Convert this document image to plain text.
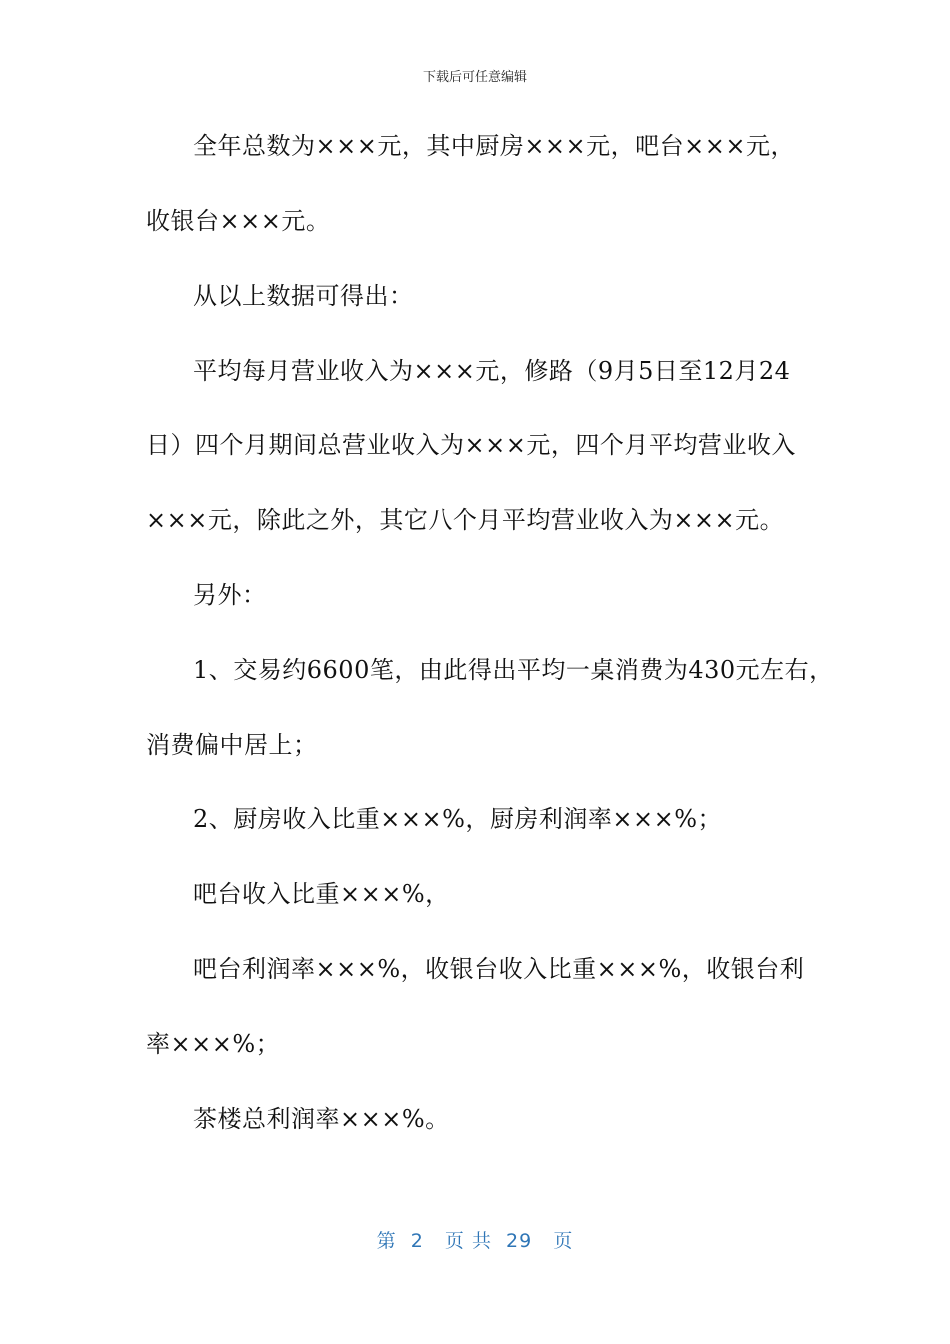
下载后可任意编辑
全年总数为×××元，其中厨房×××元，吧台×××元，
收银台×××元。
从以上数据可得出：
平均每月营业收入为×××元，修路（9月5日至12月24
日）四个月期间总营业收入为×××元，四个月平均营业收入
×××元，除此之外，其它八个月平均营业收入为×××元。
另外：
1、交易约6600笔，由此得出平均一桌消费为430元左右，
消费偏中居上；
2、厨房收入比重×××%，厨房利润率×××%；
吧台收入比重×××%，
吧台利润率×××%，收银台收入比重×××%，收银台利
率×××%；
茶楼总利润率×××%。
第  2   页 共  29   页
